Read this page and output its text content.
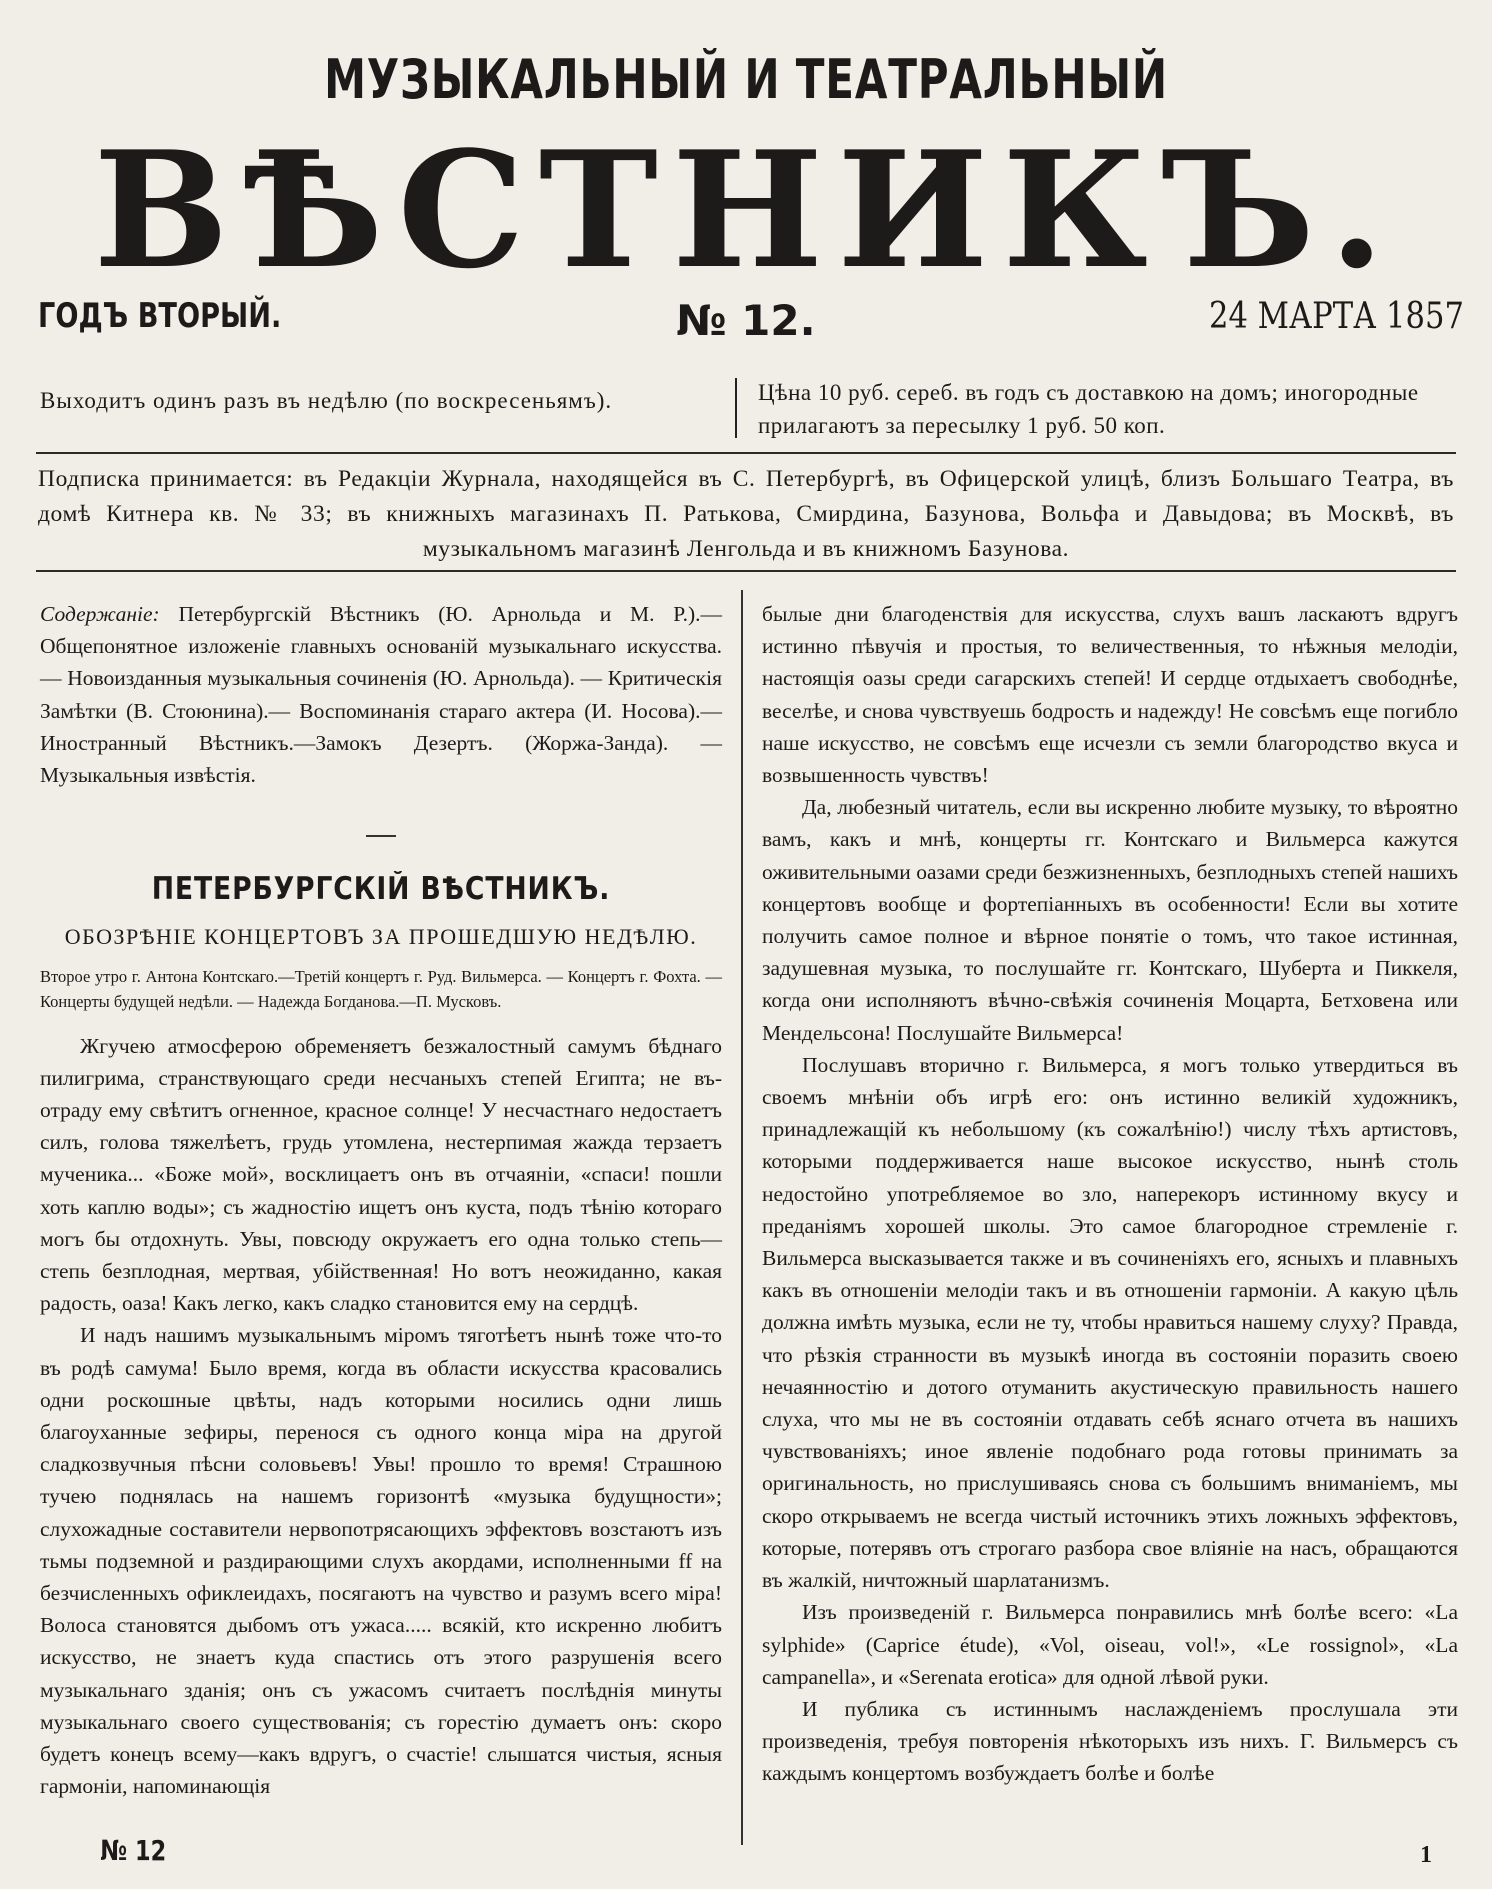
МУЗЫКАЛЬНЫЙ И ТЕАТРАЛЬНЫЙ
ВѢСТНИКЪ.
ГОДЪ ВТОРЫЙ.	№ 12.	24 МАРТА 1857
Выходитъ одинъ разъ въ недѣлю (по воскресеньямъ).	Цѣна 10 руб. сереб. въ годъ съ доставкою на домъ; иногородные прилагаютъ за пересылку 1 руб. 50 коп.
Подписка принимается: въ Редакціи Журнала, находящейся въ С. Петербургѣ, въ Офицерской улицѣ, близъ Большаго Театра, въ домѣ Китнера кв. № 33; въ книжныхъ магазинахъ П. Ратькова, Смирдина, Базунова, Вольфа и Давыдова; въ Москвѣ, въ музыкальномъ магазинѣ Ленгольда и въ книжномъ Базунова.
Содержаніе: Петербургскій Вѣстникъ (Ю. Арнольда и М. Р.).— Общепонятное изложеніе главныхъ основаній музыкальнаго искусства. — Новоизданныя музыкальныя сочиненія (Ю. Арнольда). — Критическія Замѣтки (В. Стоюнина).— Воспоминанія стараго актера (И. Носова).—Иностранный Вѣстникъ.—Замокъ Дезертъ. (Жоржа-Занда). — Музыкальныя извѣстія.
ПЕТЕРБУРГСКІЙ ВѢСТНИКЪ.
ОБОЗРѢНІЕ КОНЦЕРТОВЪ ЗА ПРОШЕДШУЮ НЕДѢЛЮ.
Второе утро г. Антона Контскаго.—Третій концертъ г. Руд. Вильмерса. — Концертъ г. Фохта. — Концерты будущей недѣли. — Надежда Богданова.—П. Мусковъ.

Жгучею атмосферою обременяетъ безжалостный самумъ бѣднаго пилигрима, странствующаго среди несчаныхъ степей Египта; не въ-отраду ему свѣтитъ огненное, красное солнце! У несчастнаго недостаетъ силъ, голова тяжелѣетъ, грудь утомлена, нестерпимая жажда терзаетъ мученика... «Боже мой», восклицаетъ онъ въ отчаяніи, «спаси! пошли хоть каплю воды»; съ жадностію ищетъ онъ куста, подъ тѣнію котораго могъ бы отдохнуть. Увы, повсюду окружаетъ его одна только степь—степь безплодная, мертвая, убійственная! Но вотъ неожиданно, какая радость, оаза! Какъ легко, какъ сладко становится ему на сердцѣ.

И надъ нашимъ музыкальнымъ міромъ тяготѣетъ нынѣ тоже что-то въ родѣ самума! Было время, когда въ области искусства красовались одни роскошные цвѣты, надъ которыми носились одни лишь благоуханные зефиры, перенося съ одного конца міра на другой сладкозвучныя пѣсни соловьевъ! Увы! прошло то время! Страшною тучею поднялась на нашемъ горизонтѣ «музыка будущности»; слухожадные составители нервопотрясающихъ эффектовъ возстаютъ изъ тьмы подземной и раздирающими слухъ акордами, исполненными ff на безчисленныхъ офиклеидахъ, посягаютъ на чувство и разумъ всего міра! Волоса становятся дыбомъ отъ ужаса..... всякій, кто искренно любитъ искусство, не знаетъ куда спастись отъ этого разрушенія всего музыкальнаго зданія; онъ съ ужасомъ считаетъ послѣднія минуты музыкальнаго своего существованія; съ горестію думаетъ онъ: скоро будетъ конецъ всему—какъ вдругъ, о счастіе! слышатся чистыя, ясныя гармоніи, напоминающія

былые дни благоденствія для искусства, слухъ вашъ ласкаютъ вдругъ истинно пѣвучія и простыя, то величественныя, то нѣжныя мелодіи, настоящія оазы среди сагарскихъ степей! И сердце отдыхаетъ свободнѣе, веселѣе, и снова чувствуешь бодрость и надежду! Не совсѣмъ еще погибло наше искусство, не совсѣмъ еще исчезли съ земли благородство вкуса и возвышенность чувствъ!

Да, любезный читатель, если вы искренно любите музыку, то вѣроятно вамъ, какъ и мнѣ, концерты гг. Контскаго и Вильмерса кажутся оживительными оазами среди безжизненныхъ, безплодныхъ степей нашихъ концертовъ вообще и фортепіанныхъ въ особенности! Если вы хотите получить самое полное и вѣрное понятіе о томъ, что такое истинная, задушевная музыка, то послушайте гг. Контскаго, Шуберта и Пиккеля, когда они исполняютъ вѣчно-свѣжія сочиненія Моцарта, Бетховена или Мендельсона! Послушайте Вильмерса!

Послушавъ вторично г. Вильмерса, я могъ только утвердиться въ своемъ мнѣніи объ игрѣ его: онъ истинно великій художникъ, принадлежащій къ небольшому (къ сожалѣнію!) числу тѣхъ артистовъ, которыми поддерживается наше высокое искусство, нынѣ столь недостойно употребляемое во зло, наперекоръ истинному вкусу и преданіямъ хорошей школы. Это самое благородное стремленіе г. Вильмерса высказывается также и въ сочиненіяхъ его, ясныхъ и плавныхъ какъ въ отношеніи мелодіи такъ и въ отношеніи гармоніи. А какую цѣль должна имѣть музыка, если не ту, чтобы нравиться нашему слуху? Правда, что рѣзкія странности въ музыкѣ иногда въ состояніи поразить своею нечаянностію и дотого отуманить акустическую правильность нашего слуха, что мы не въ состояніи отдавать себѣ яснаго отчета въ нашихъ чувствованіяхъ; иное явленіе подобнаго рода готовы принимать за оригинальность, но прислушиваясь снова съ большимъ вниманіемъ, мы скоро открываемъ не всегда чистый источникъ этихъ ложныхъ эффектовъ, которые, потерявъ отъ строгаго разбора свое вліяніе на насъ, обращаются въ жалкій, ничтожный шарлатанизмъ.

Изъ произведеній г. Вильмерса понравились мнѣ болѣе всего: «La sylphide» (Caprice étude), «Vol, oiseau, vol!», «Le rossignol», «La campanella», и «Serenata erotica» для одной лѣвой руки.

И публика съ истиннымъ наслажденіемъ прослушала эти произведенія, требуя повторенія нѣкоторыхъ изъ нихъ. Г. Вильмерсъ съ каждымъ концертомъ возбуждаетъ болѣе и болѣе

№ 12	1
